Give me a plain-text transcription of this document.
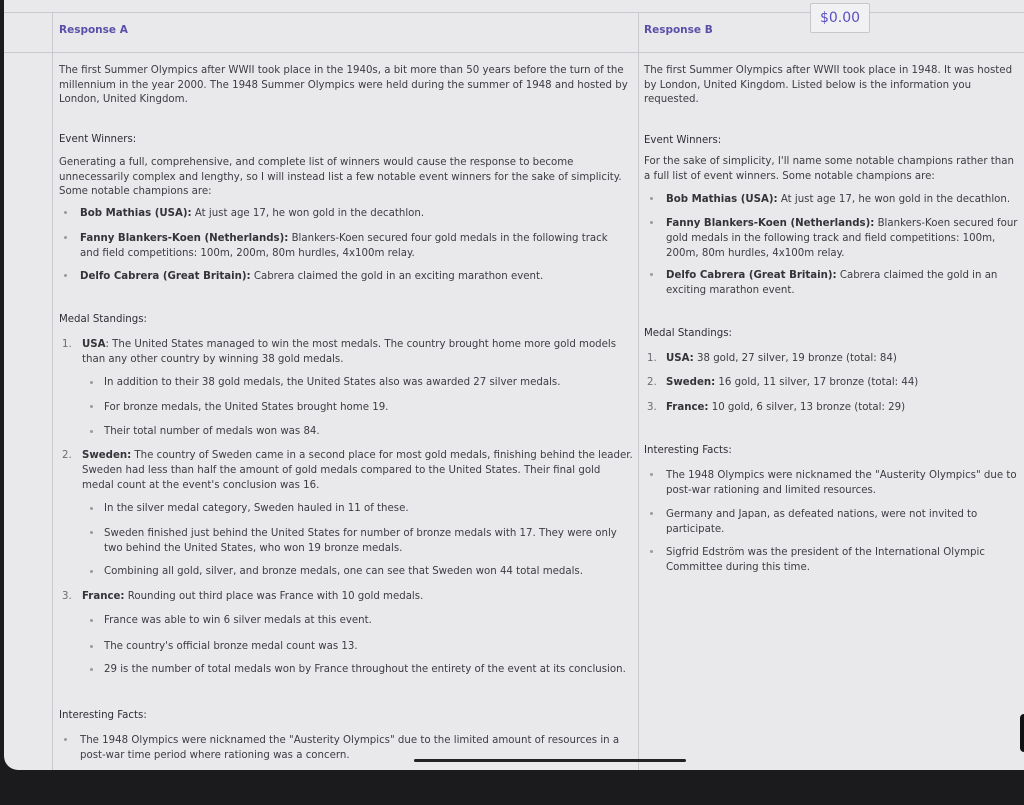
Response A

The first Summer Olympics after WWII took place in the 1940s, a bit more than 50 years before the turn of the millennium in the year 2000. The 1948 Summer Olympics were held during the summer of 1948 and hosted by London, United Kingdom.

Event Winners:

Generating a full, comprehensive, and complete list of winners would cause the response to become unnecessarily complex and lengthy, so I will instead list a few notable event winners for the sake of simplicity. Some notable champions are:

Bob Mathias (USA): At just age 17, he won gold in the decathlon.
Fanny Blankers-Koen (Netherlands): Blankers-Koen secured four gold medals in the following track and field competitions: 100m, 200m, 80m hurdles, 4x100m relay.
Delfo Cabrera (Great Britain): Cabrera claimed the gold in an exciting marathon event.
Medal Standings:
1. USA: The United States managed to win the most medals. The country brought home more gold models than any other country by winning 38 gold medals.
In addition to their 38 gold medals, the United States also was awarded 27 silver medals.
For bronze medals, the United States brought home 19.
Their total number of medals won was 84.
2. Sweden: The country of Sweden came in a second place for most gold medals, finishing behind the leader. Sweden had less than half the amount of gold medals compared to the United States. Their final gold medal count at the event's conclusion was 16.
In the silver medal category, Sweden hauled in 11 of these.
Sweden finished just behind the United States for number of bronze medals with 17. They were only two behind the United States, who won 19 bronze medals.
Combining all gold, silver, and bronze medals, one can see that Sweden won 44 total medals.
3. France: Rounding out third place was France with 10 gold medals.
France was able to win 6 silver medals at this event.
The country's official bronze medal count was 13.
29 is the number of total medals won by France throughout the entirety of the event at its conclusion.
Interesting Facts:
The 1948 Olympics were nicknamed the "Austerity Olympics" due to the limited amount of resources in a post-war time period where rationing was a concern.
Response B

The first Summer Olympics after WWII took place in 1948. It was hosted by London, United Kingdom. Listed below is the information you requested.

Event Winners:

For the sake of simplicity, I'll name some notable champions rather than a full list of event winners. Some notable champions are:

Bob Mathias (USA): At just age 17, he won gold in the decathlon.
Fanny Blankers-Koen (Netherlands): Blankers-Koen secured four gold medals in the following track and field competitions: 100m, 200m, 80m hurdles, 4x100m relay.
Delfo Cabrera (Great Britain): Cabrera claimed the gold in an exciting marathon event.
Medal Standings:
1. USA: 38 gold, 27 silver, 19 bronze (total: 84)
2. Sweden: 16 gold, 11 silver, 17 bronze (total: 44)
3. France: 10 gold, 6 silver, 13 bronze (total: 29)
Interesting Facts:
The 1948 Olympics were nicknamed the "Austerity Olympics" due to post-war rationing and limited resources.
Germany and Japan, as defeated nations, were not invited to participate.
Sigfrid Edström was the president of the International Olympic Committee during this time.
$0.00
